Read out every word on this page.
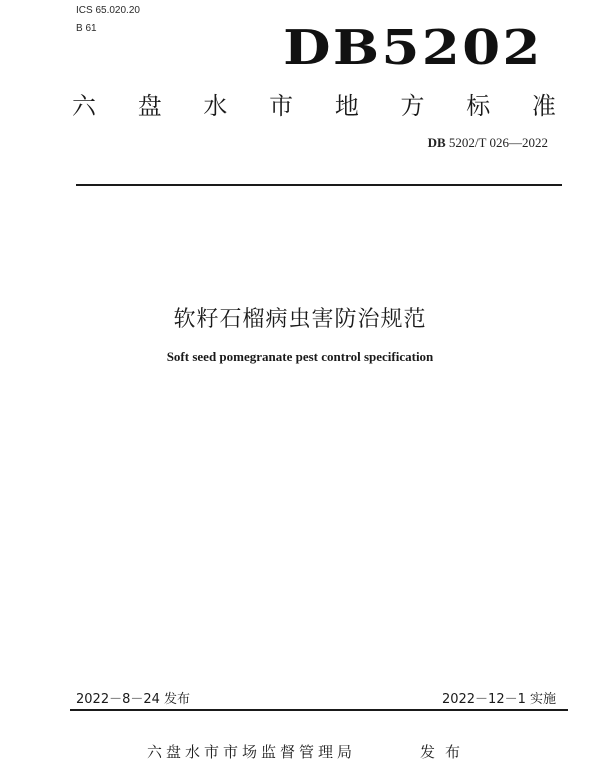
ICS 65.020.20
B 61	DB5202
六 盘 水 市 地 方 标 准
DB 5202/T 026—2022
软籽石榴病虫害防治规范
Soft seed pomegranate pest control specification
2022－8－24 发布	2022－12－1 实施
六盘水市市场监督管理局	发布
